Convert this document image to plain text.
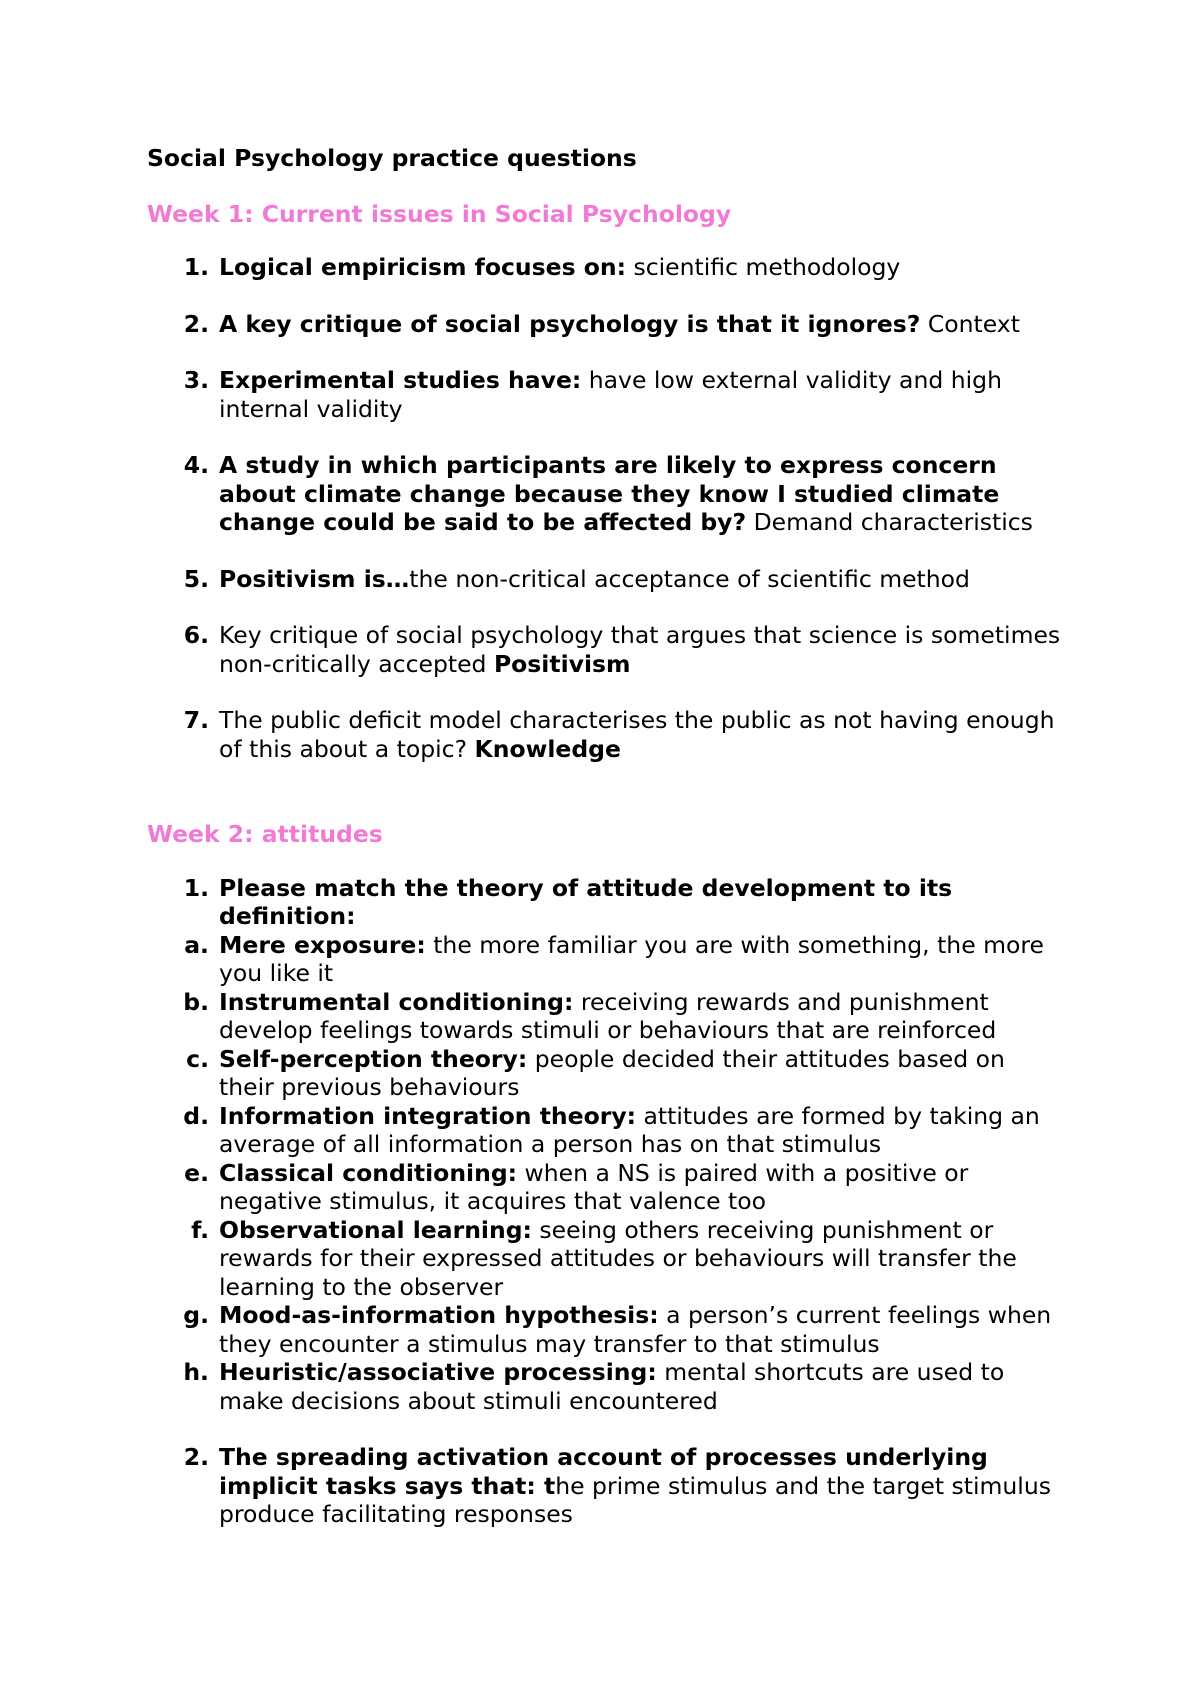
Social Psychology practice questions
Week 1: Current issues in Social Psychology
1. Logical empiricism focuses on: scientific methodology
2. A key critique of social psychology is that it ignores? Context
3. Experimental studies have: have low external validity and high internal validity
4. A study in which participants are likely to express concern about climate change because they know I studied climate change could be said to be affected by? Demand characteristics
5. Positivism is…the non-critical acceptance of scientific method
6. Key critique of social psychology that argues that science is sometimes non-critically accepted Positivism
7. The public deficit model characterises the public as not having enough of this about a topic? Knowledge
Week 2: attitudes
1. Please match the theory of attitude development to its definition:
a. Mere exposure: the more familiar you are with something, the more you like it
b. Instrumental conditioning: receiving rewards and punishment develop feelings towards stimuli or behaviours that are reinforced
c. Self-perception theory: people decided their attitudes based on their previous behaviours
d. Information integration theory: attitudes are formed by taking an average of all information a person has on that stimulus
e. Classical conditioning: when a NS is paired with a positive or negative stimulus, it acquires that valence too
f. Observational learning: seeing others receiving punishment or rewards for their expressed attitudes or behaviours will transfer the learning to the observer
g. Mood-as-information hypothesis: a person’s current feelings when they encounter a stimulus may transfer to that stimulus
h. Heuristic/associative processing: mental shortcuts are used to make decisions about stimuli encountered
2. The spreading activation account of processes underlying implicit tasks says that: the prime stimulus and the target stimulus produce facilitating responses
